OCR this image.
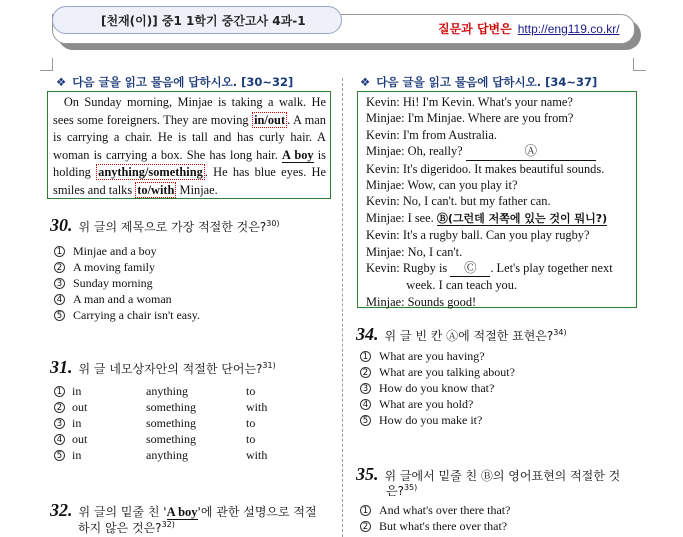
[천재(이)] 중1 1학기 중간고사 4과-1
질문과 답변은 http://eng119.co.kr/
❖ 다음 글을 읽고 물음에 답하시오. [30~32]

On Sunday morning, Minjae is taking a walk. He sees some foreigners. They are moving in/out . A man is carrying a chair. He is tall and has curly hair. A woman is carrying a box. She has long hair. A boy is holding anything/something . He has blue eyes. He smiles and talks to/with Minjae.

30. 위 글의 제목으로 가장 적절한 것은?$^{30)}$
1 Minjae and a boy
2 A moving family
3 Sunday morning
4 A man and a woman
5 Carrying a chair isn't easy.
31. 위 글 네모상자안의 적절한 단어는?$^{31)}$
1 in	anything	to
2 out	something	with
3 in	something	to
4 out	something	to
5 in	anything	with
32. 위 글의 밑줄 친 'A boy'에 관한 설명으로 적절
하지 않은 것은?$^{32)}$
❖ 다음 글을 읽고 물음에 답하시오. [34~37]
Kevin: Hi! I'm Kevin. What's your name?
Minjae: I'm Minjae. Where are you from?
Kevin: I'm from Australia.
Minjae: Oh, really?	Ⓐ
Kevin: It's digeridoo. It makes beautiful sounds.
Minjae: Wow, can you play it?
Kevin: No, I can't. but my father can.
Minjae: I see. Ⓑ(그런데 저쪽에 있는 것이 뭐니?)
Kevin: It's a rugby ball. Can you play rugby?
Minjae: No, I can't.
Kevin: Rugby is Ⓒ . Let's play together next
week. I can teach you.
Minjae: Sounds good!
34. 위 글 빈 칸 Ⓐ에 적절한 표현은?$^{34)}$
1 What are you having?
2 What are you talking about?
3 How do you know that?
4 What are you hold?
5 How do you make it?
35. 위 글에서 밑줄 친 Ⓑ의 영어표현의 적절한 것
은?$^{35)}$
1 And what's over there that?
2 But what's there over that?
